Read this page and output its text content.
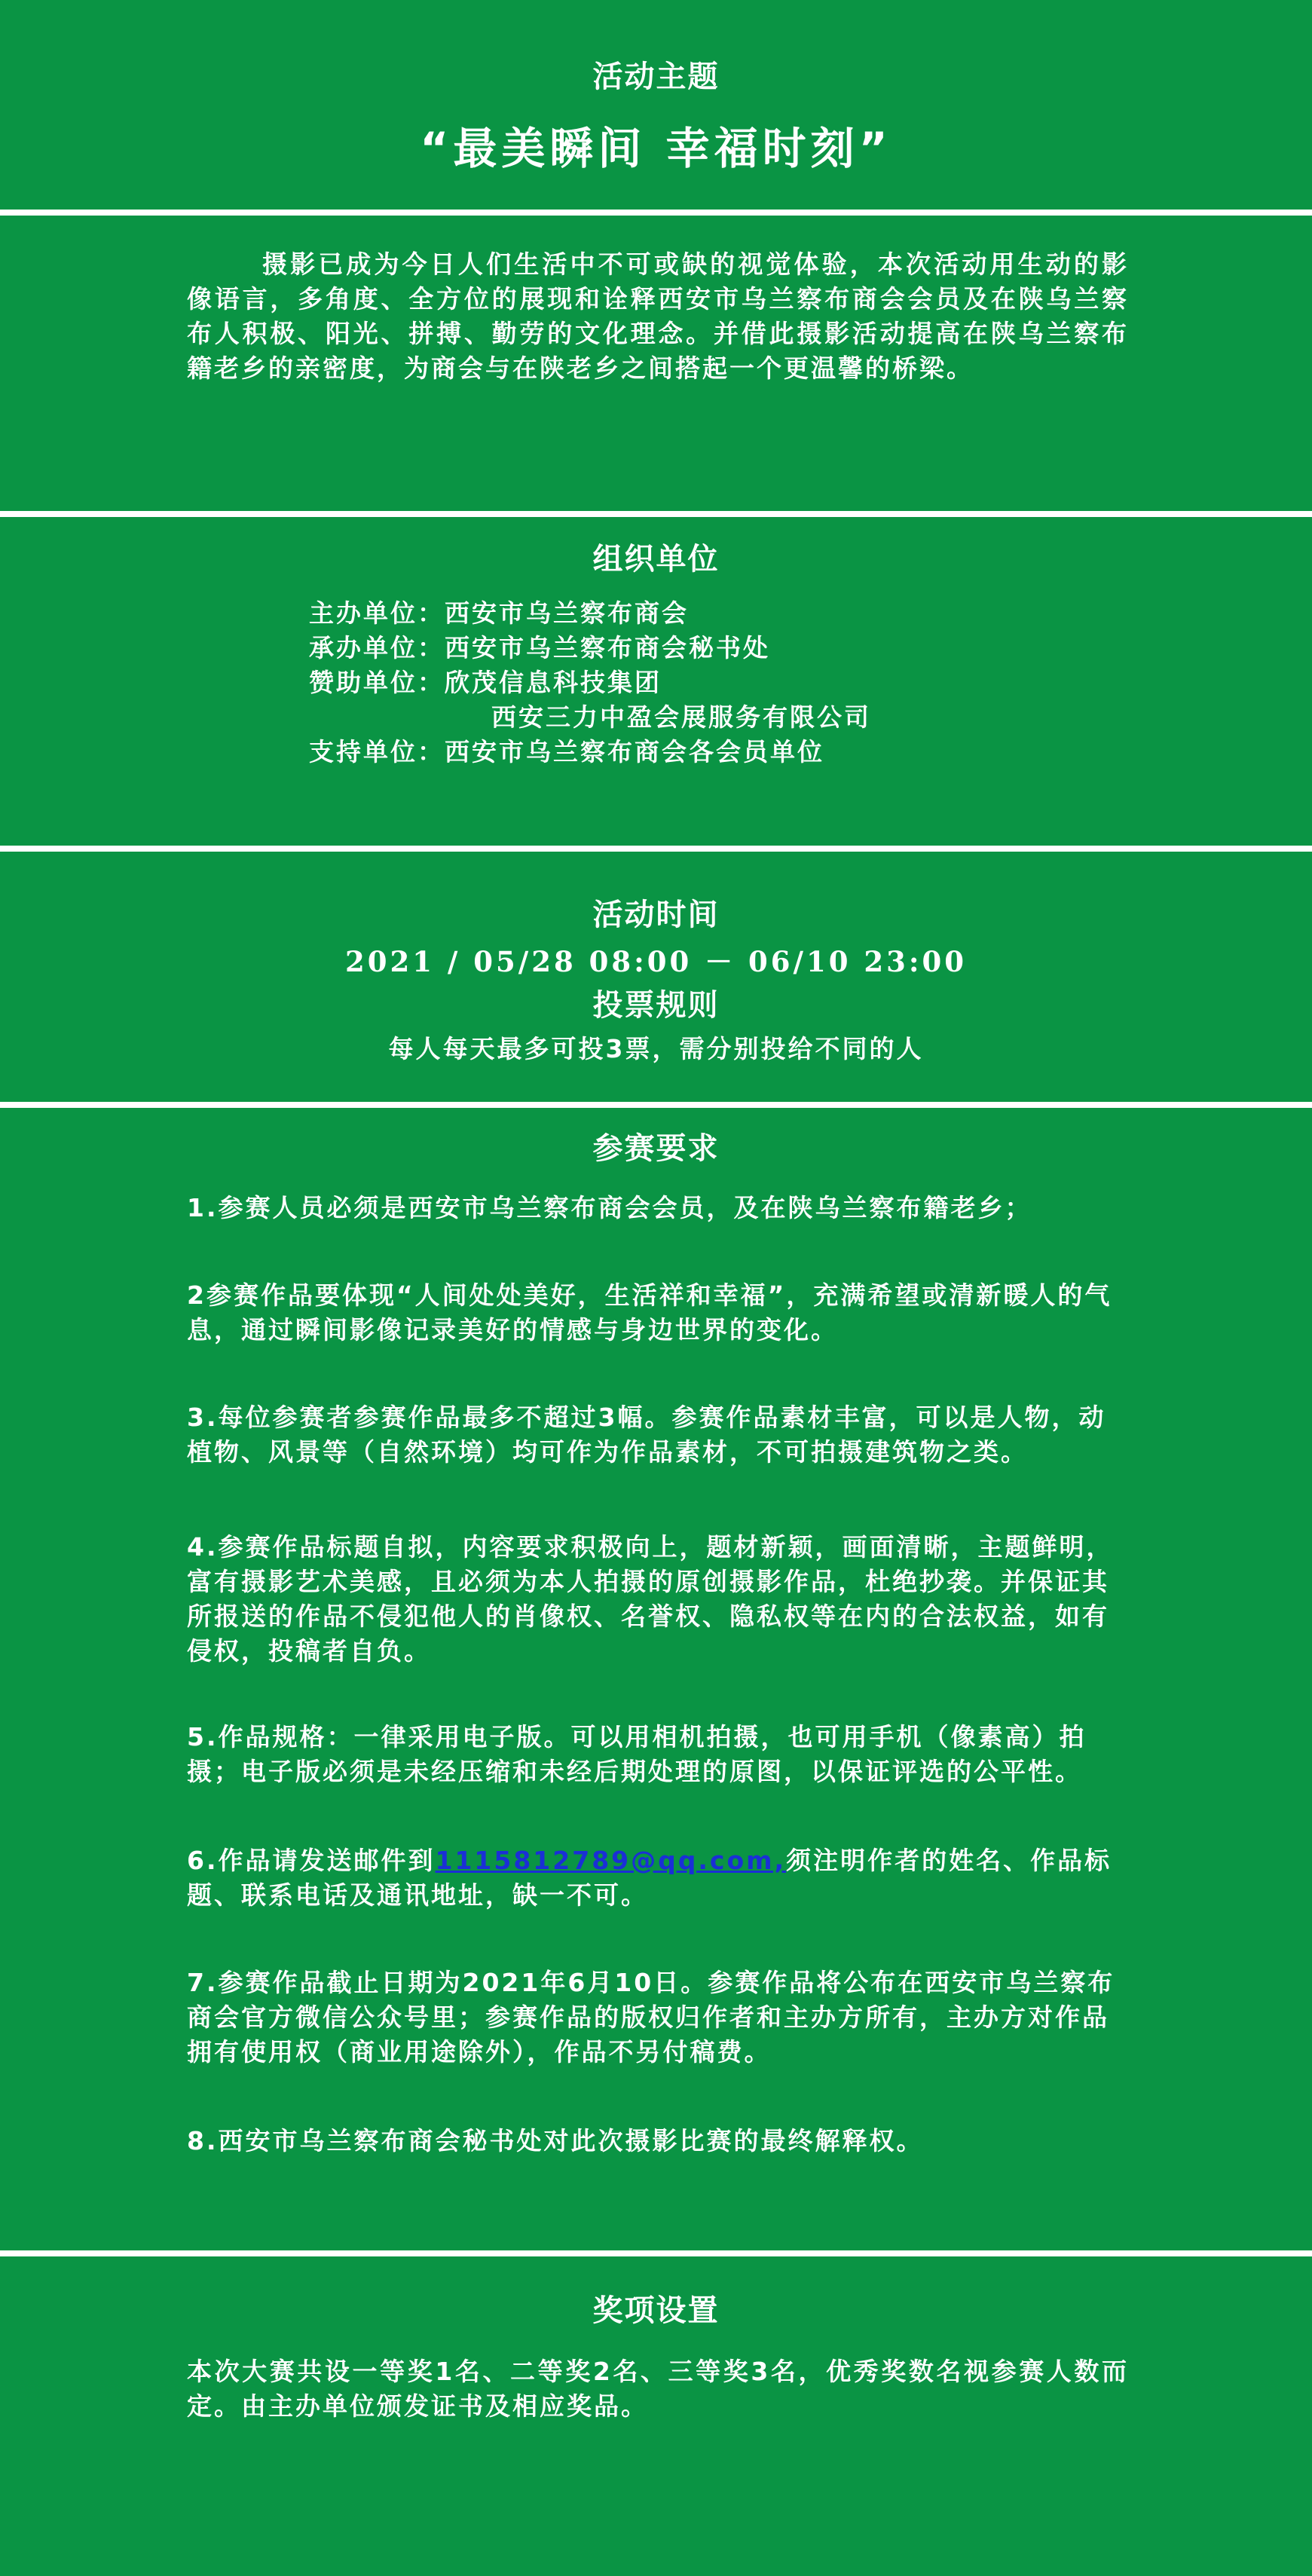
活动主题
“最美瞬间 幸福时刻”
摄影已成为今日人们生活中不可或缺的视觉体验，本次活动用生动的影像语言，多角度、全方位的展现和诠释西安市乌兰察布商会会员及在陕乌兰察布人积极、阳光、拼搏、勤劳的文化理念。并借此摄影活动提高在陕乌兰察布籍老乡的亲密度，为商会与在陕老乡之间搭起一个更温馨的桥梁。
组织单位
主办单位：西安市乌兰察布商会
承办单位：西安市乌兰察布商会秘书处
赞助单位：欣茂信息科技集团
西安三力中盈会展服务有限公司
支持单位：西安市乌兰察布商会各会员单位
活动时间
2021 / 05/28 08:00 － 06/10 23:00
投票规则
每人每天最多可投3票，需分别投给不同的人
参赛要求
1.参赛人员必须是西安市乌兰察布商会会员，及在陕乌兰察布籍老乡；
2参赛作品要体现“人间处处美好，生活祥和幸福”，充满希望或清新暖人的气息，通过瞬间影像记录美好的情感与身边世界的变化。
3.每位参赛者参赛作品最多不超过3幅。参赛作品素材丰富，可以是人物，动植物、风景等（自然环境）均可作为作品素材，不可拍摄建筑物之类。
4.参赛作品标题自拟，内容要求积极向上，题材新颖，画面清晰，主题鲜明，富有摄影艺术美感，且必须为本人拍摄的原创摄影作品，杜绝抄袭。并保证其所报送的作品不侵犯他人的肖像权、名誉权、隐私权等在内的合法权益，如有侵权，投稿者自负。
5.作品规格：一律采用电子版。可以用相机拍摄，也可用手机（像素高）拍摄；电子版必须是未经压缩和未经后期处理的原图，以保证评选的公平性。
6.作品请发送邮件到1115812789@qq.com,须注明作者的姓名、作品标题、联系电话及通讯地址，缺一不可。
7.参赛作品截止日期为2021年6月10日。参赛作品将公布在西安市乌兰察布商会官方微信公众号里；参赛作品的版权归作者和主办方所有，主办方对作品拥有使用权（商业用途除外），作品不另付稿费。
8.西安市乌兰察布商会秘书处对此次摄影比赛的最终解释权。
奖项设置
本次大赛共设一等奖1名、二等奖2名、三等奖3名，优秀奖数名视参赛人数而定。由主办单位颁发证书及相应奖品。
